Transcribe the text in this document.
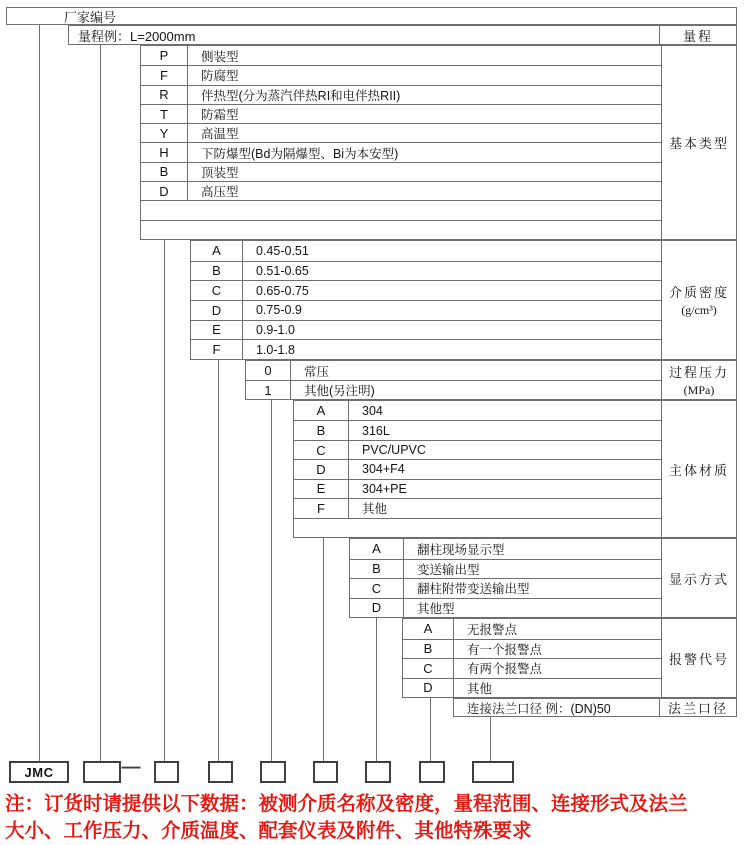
厂家编号
量程例：L=2000mm	量程
连接法兰口径 例：(DN)50	法兰口径
JMC	—
注：订货时请提供以下数据：被测介质名称及密度，量程范围、连接形式及法兰
大小、工作压力、介质温度、配套仪表及附件、其他特殊要求
P	侧装型
F	防腐型
R	伴热型(分为蒸汽伴热RI和电伴热RII)
T	防霜型
Y	高温型
H	下防爆型(Bd为隔爆型、Bi为本安型)
B	顶装型
D	高压型
基本类型
A	0.45-0.51
B	0.51-0.65
C	0.65-0.75
D	0.75-0.9
E	0.9-1.0
F	1.0-1.8
介质密度
(g/cm³)
0	常压
1	其他(另注明)
过程压力
(MPa)
A	304
B	316L
C	PVC/UPVC
D	304+F4
E	304+PE
F	其他
主体材质
A	翻柱现场显示型
B	变送输出型
C	翻柱附带变送输出型
D	其他型
显示方式
A	无报警点
B	有一个报警点
C	有两个报警点
D	其他
报警代号
